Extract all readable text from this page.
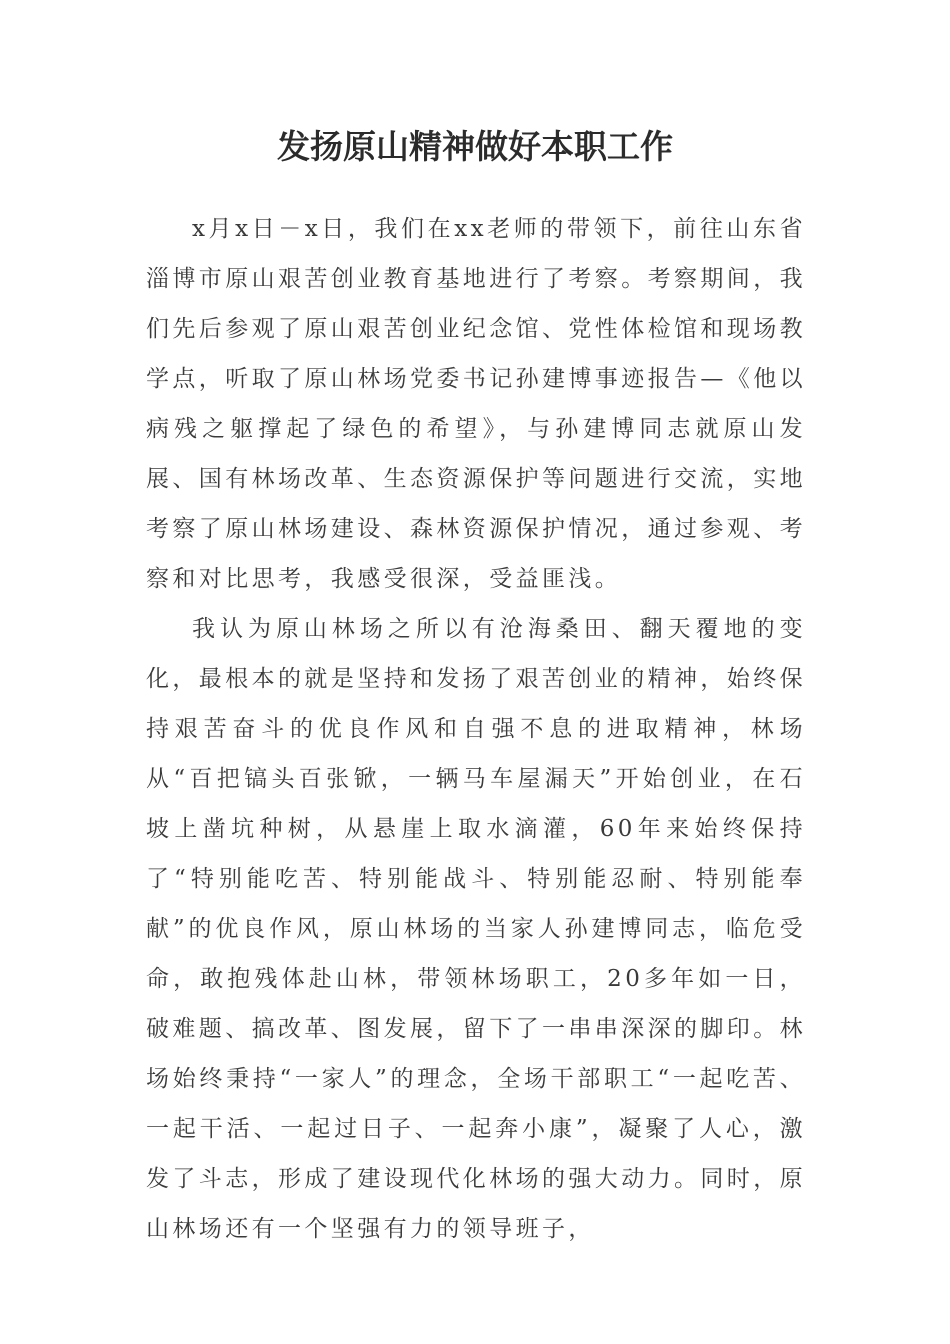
发扬原山精神做好本职工作

x月x日－x日，我们在xx老师的带领下，前往山东省淄博市原山艰苦创业教育基地进行了考察。考察期间，我们先后参观了原山艰苦创业纪念馆、党性体检馆和现场教学点，听取了原山林场党委书记孙建博事迹报告—《他以病残之躯撑起了绿色的希望》，与孙建博同志就原山发展、国有林场改革、生态资源保护等问题进行交流，实地考察了原山林场建设、森林资源保护情况，通过参观、考察和对比思考，我感受很深，受益匪浅。

我认为原山林场之所以有沧海桑田、翻天覆地的变化，最根本的就是坚持和发扬了艰苦创业的精神，始终保持艰苦奋斗的优良作风和自强不息的进取精神，林场从“百把镐头百张锨，一辆马车屋漏天”开始创业，在石坡上凿坑种树，从悬崖上取水滴灌，60年来始终保持了“特别能吃苦、特别能战斗、特别能忍耐、特别能奉献”的优良作风，原山林场的当家人孙建博同志，临危受命，敢抱残体赴山林，带领林场职工，20多年如一日，破难题、搞改革、图发展，留下了一串串深深的脚印。林场始终秉持“一家人”的理念，全场干部职工“一起吃苦、一起干活、一起过日子、一起奔小康”，凝聚了人心，激发了斗志，形成了建设现代化林场的强大动力。同时，原山林场还有一个坚强有力的领导班子，
